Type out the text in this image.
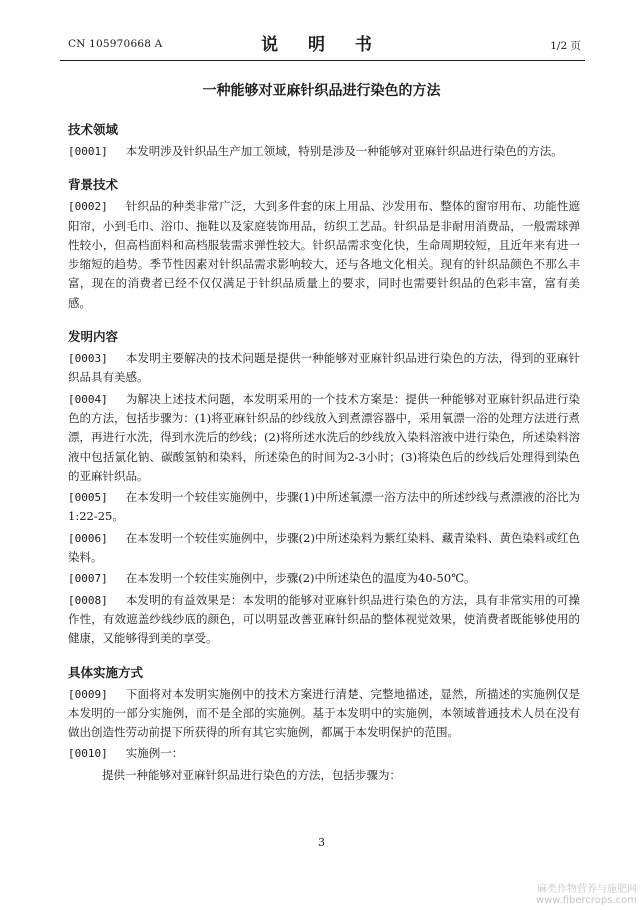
CN 105970668 A	说 明 书	1/2 页
一种能够对亚麻针织品进行染色的方法
技术领域

[0001] 本发明涉及针织品生产加工领域，特别是涉及一种能够对亚麻针织品进行染色的方法。

背景技术

[0002] 针织品的种类非常广泛，大到多件套的床上用品、沙发用布、整体的窗帘用布、功能性遮阳帘，小到毛巾、浴巾、拖鞋以及家庭装饰用品，纺织工艺品。针织品是非耐用消费品，一般需球弹性较小，但高档面料和高档服装需求弹性较大。针织品需求变化快，生命周期较短，且近年来有进一步缩短的趋势。季节性因素对针织品需求影响较大，还与各地文化相关。现有的针织品颜色不那么丰富，现在的消费者已经不仅仅满足于针织品质量上的要求，同时也需要针织品的色彩丰富，富有美感。

发明内容

[0003] 本发明主要解决的技术问题是提供一种能够对亚麻针织品进行染色的方法，得到的亚麻针织品具有美感。

[0004] 为解决上述技术问题，本发明采用的一个技术方案是：提供一种能够对亚麻针织品进行染色的方法，包括步骤为：(1)将亚麻针织品的纱线放入到煮漂容器中，采用氧漂一浴的处理方法进行煮漂，再进行水洗，得到水洗后的纱线；(2)将所述水洗后的纱线放入染料溶液中进行染色，所述染料溶液中包括氯化钠、碳酸氢钠和染料，所述染色的时间为2-3小时；(3)将染色后的纱线后处理得到染色的亚麻针织品。

[0005] 在本发明一个较佳实施例中，步骤(1)中所述氧漂一浴方法中的所述纱线与煮漂液的浴比为1:22-25。

[0006] 在本发明一个较佳实施例中，步骤(2)中所述染料为紫红染料、藏青染料、黄色染料或红色染料。

[0007] 在本发明一个较佳实施例中，步骤(2)中所述染色的温度为40-50℃。

[0008] 本发明的有益效果是：本发明的能够对亚麻针织品进行染色的方法，具有非常实用的可操作性，有效遮盖纱线纱底的颜色，可以明显改善亚麻针织品的整体视觉效果，使消费者既能够使用的健康，又能够得到美的享受。

具体实施方式

[0009] 下面将对本发明实施例中的技术方案进行清楚、完整地描述，显然，所描述的实施例仅是本发明的一部分实施例，而不是全部的实施例。基于本发明中的实施例，本领域普通技术人员在没有做出创造性劳动前提下所获得的所有其它实施例，都属于本发明保护的范围。

[0010] 实施例一：

提供一种能够对亚麻针织品进行染色的方法，包括步骤为：

3
麻类作物营养与施肥网
www.fibercrops.com
